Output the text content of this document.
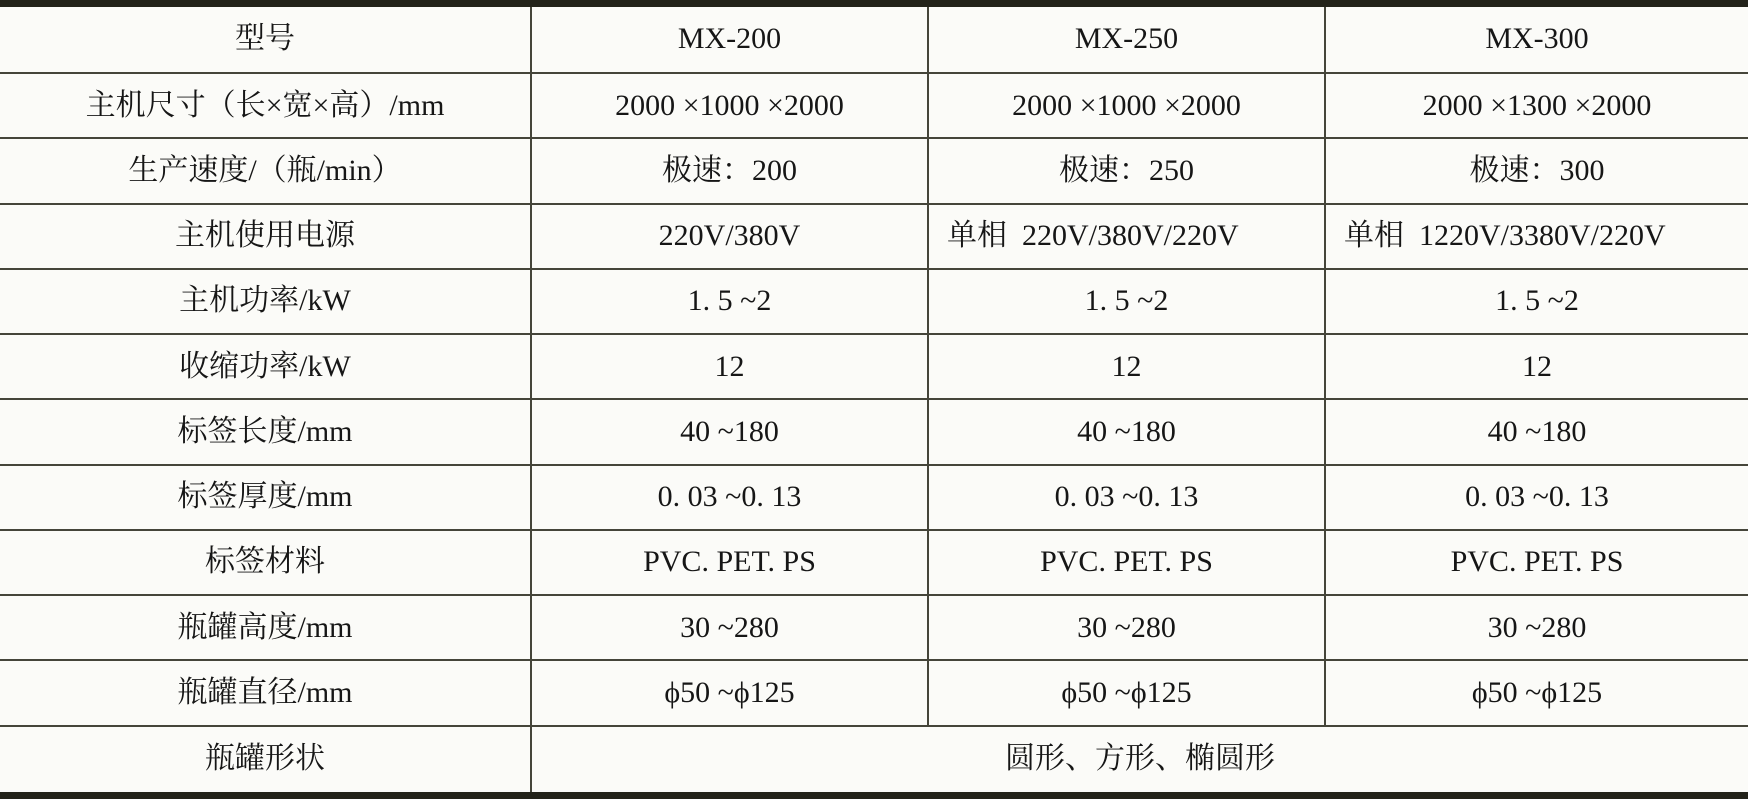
型号	MX-200	MX-250	MX-300
主机尺寸（长×宽×高）/mm	2000 ×1000 ×2000	2000 ×1000 ×2000	2000 ×1300 ×2000
生产速度/（瓶/min）	极速：200	极速：250	极速：300
主机使用电源	220V/380V	单相  220V/380V/220V	单相  1220V/3380V/220V
主机功率/kW	1. 5 ~2	1. 5 ~2	1. 5 ~2
收缩功率/kW	12	12	12
标签长度/mm	40 ~180	40 ~180	40 ~180
标签厚度/mm	0. 03 ~0. 13	0. 03 ~0. 13	0. 03 ~0. 13
标签材料	PVC. PET. PS	PVC. PET. PS	PVC. PET. PS
瓶罐高度/mm	30 ~280	30 ~280	30 ~280
瓶罐直径/mm	ϕ50 ~ϕ125	ϕ50 ~ϕ125	ϕ50 ~ϕ125
瓶罐形状	圆形、方形、椭圆形		
